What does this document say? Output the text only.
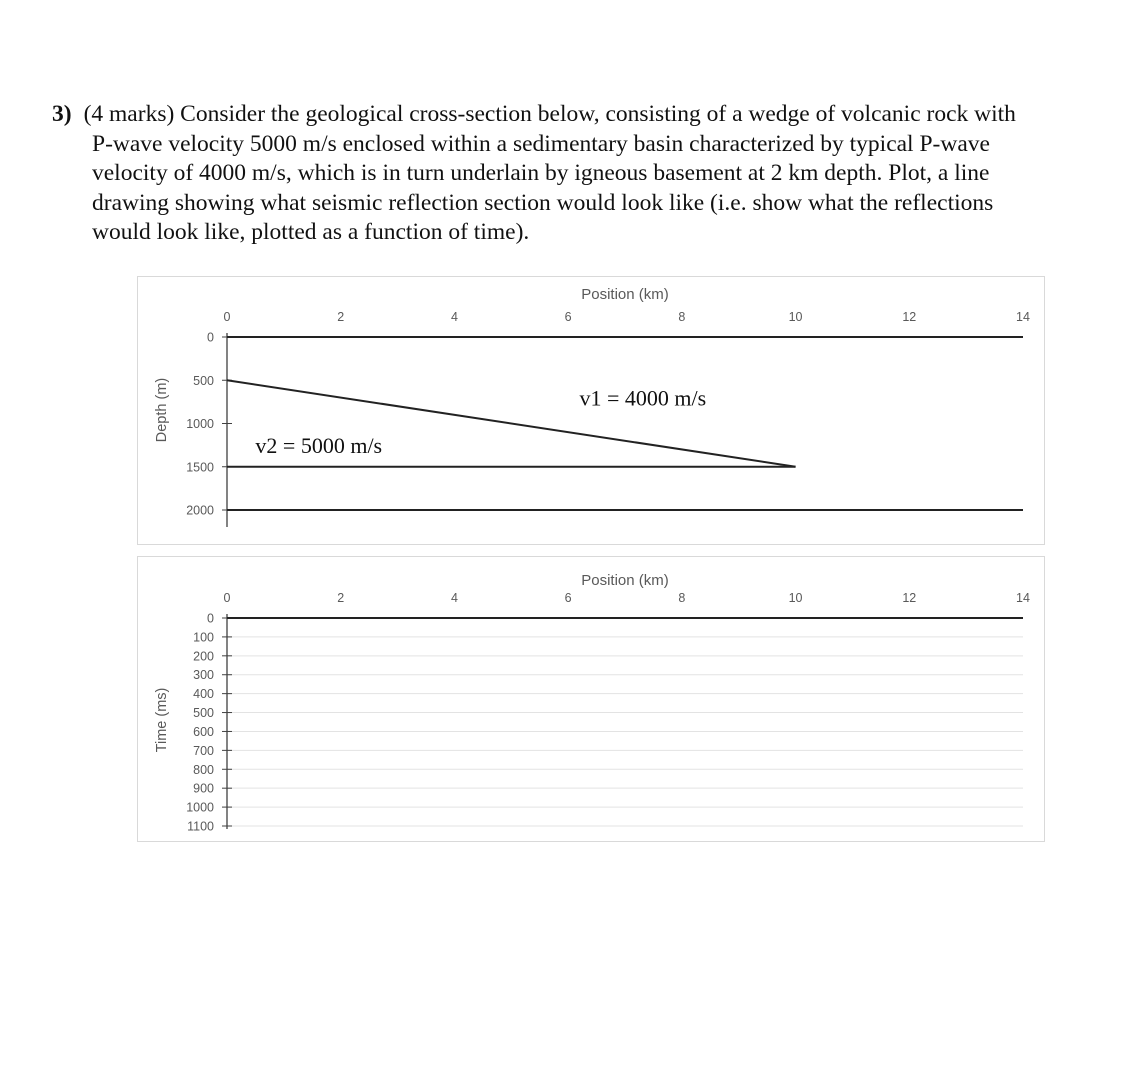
3) (4 marks) Consider the geological cross-section below, consisting of a wedge of volcanic rock with
P-wave velocity 5000 m/s enclosed within a sedimentary basin characterized by typical P-wave
velocity of 4000 m/s, which is in turn underlain by igneous basement at 2 km depth. Plot, a line
drawing showing what seismic reflection section would look like (i.e. show what the reflections
would look like, plotted as a function of time).
Position (km)
0	2	4	6	8	10	12	14
0
500
1000
1500
2000
Depth (m)	v1 = 4000 m/s
v2 = 5000 m/s
Position (km)
0	2	4	6	8	10	12	14
0
100
200
300
400
500
600
700
800
900
1000
1100
Time (ms)
